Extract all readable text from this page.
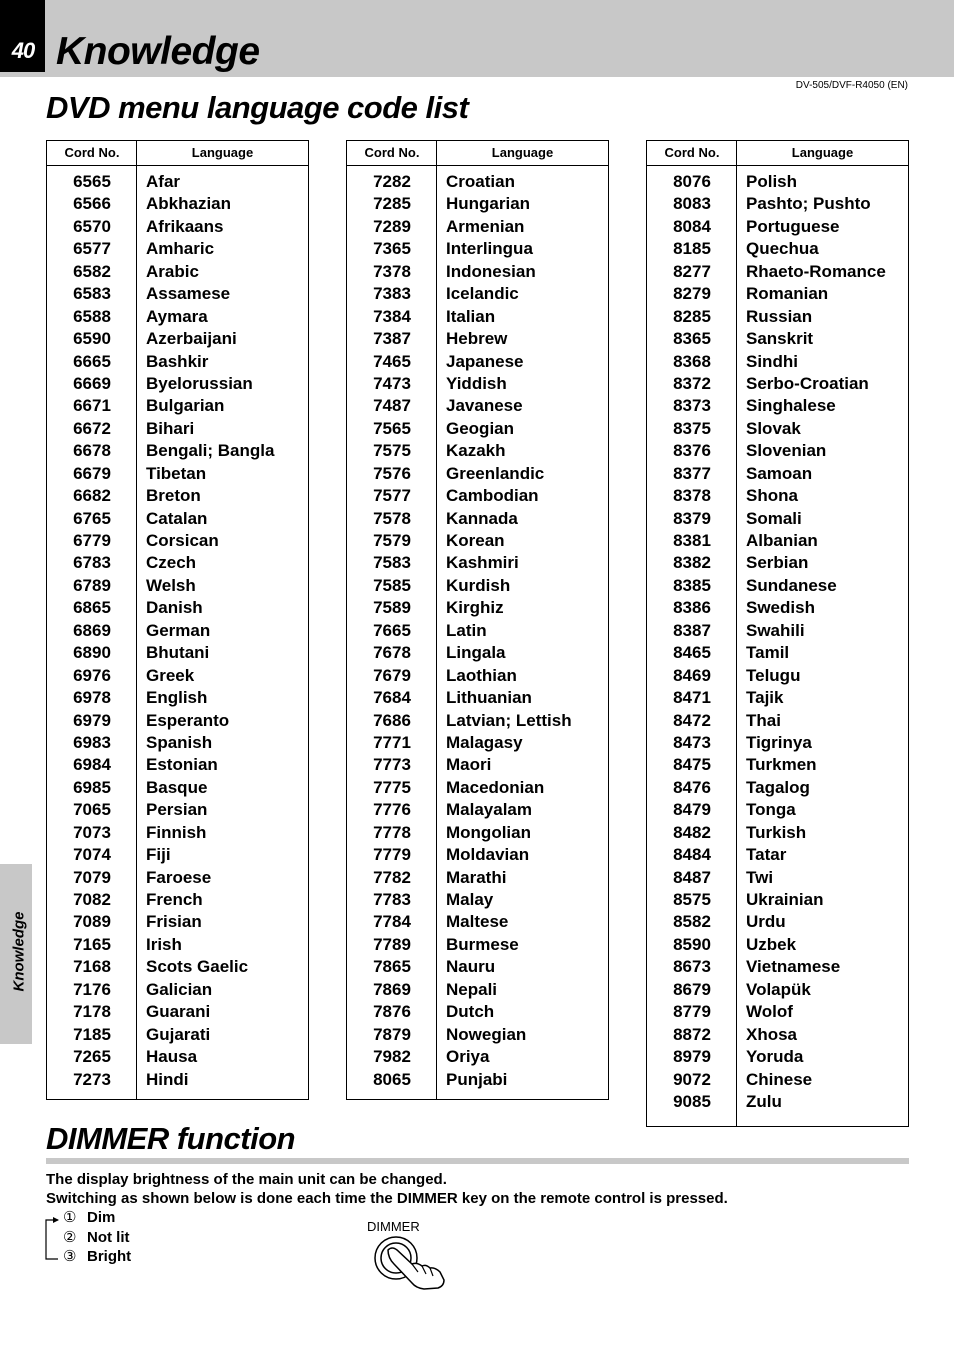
40 Knowledge
DV-505/DVF-R4050 (EN)
DVD menu language code list
Cord No.	Language
6565	Afar
6566	Abkhazian
6570	Afrikaans
6577	Amharic
6582	Arabic
6583	Assamese
6588	Aymara
6590	Azerbaijani
6665	Bashkir
6669	Byelorussian
6671	Bulgarian
6672	Bihari
6678	Bengali; Bangla
6679	Tibetan
6682	Breton
6765	Catalan
6779	Corsican
6783	Czech
6789	Welsh
6865	Danish
6869	German
6890	Bhutani
6976	Greek
6978	English
6979	Esperanto
6983	Spanish
6984	Estonian
6985	Basque
7065	Persian
7073	Finnish
7074	Fiji
7079	Faroese
7082	French
7089	Frisian
7165	Irish
7168	Scots Gaelic
7176	Galician
7178	Guarani
7185	Gujarati
7265	Hausa
7273	Hindi
Cord No.	Language
7282	Croatian
7285	Hungarian
7289	Armenian
7365	Interlingua
7378	Indonesian
7383	Icelandic
7384	Italian
7387	Hebrew
7465	Japanese
7473	Yiddish
7487	Javanese
7565	Geogian
7575	Kazakh
7576	Greenlandic
7577	Cambodian
7578	Kannada
7579	Korean
7583	Kashmiri
7585	Kurdish
7589	Kirghiz
7665	Latin
7678	Lingala
7679	Laothian
7684	Lithuanian
7686	Latvian; Lettish
7771	Malagasy
7773	Maori
7775	Macedonian
7776	Malayalam
7778	Mongolian
7779	Moldavian
7782	Marathi
7783	Malay
7784	Maltese
7789	Burmese
7865	Nauru
7869	Nepali
7876	Dutch
7879	Nowegian
7982	Oriya
8065	Punjabi
Cord No.	Language
8076	Polish
8083	Pashto; Pushto
8084	Portuguese
8185	Quechua
8277	Rhaeto-Romance
8279	Romanian
8285	Russian
8365	Sanskrit
8368	Sindhi
8372	Serbo-Croatian
8373	Singhalese
8375	Slovak
8376	Slovenian
8377	Samoan
8378	Shona
8379	Somali
8381	Albanian
8382	Serbian
8385	Sundanese
8386	Swedish
8387	Swahili
8465	Tamil
8469	Telugu
8471	Tajik
8472	Thai
8473	Tigrinya
8475	Turkmen
8476	Tagalog
8479	Tonga
8482	Turkish
8484	Tatar
8487	Twi
8575	Ukrainian
8582	Urdu
8590	Uzbek
8673	Vietnamese
8679	Volapük
8779	Wolof
8872	Xhosa
8979	Yoruda
9072	Chinese
9085	Zulu
DIMMER function
The display brightness of the main unit can be changed.
Switching as shown below is done each time the DIMMER key on the remote control is pressed.
① Dim
② Not lit
③ Bright
DIMMER
Knowledge
